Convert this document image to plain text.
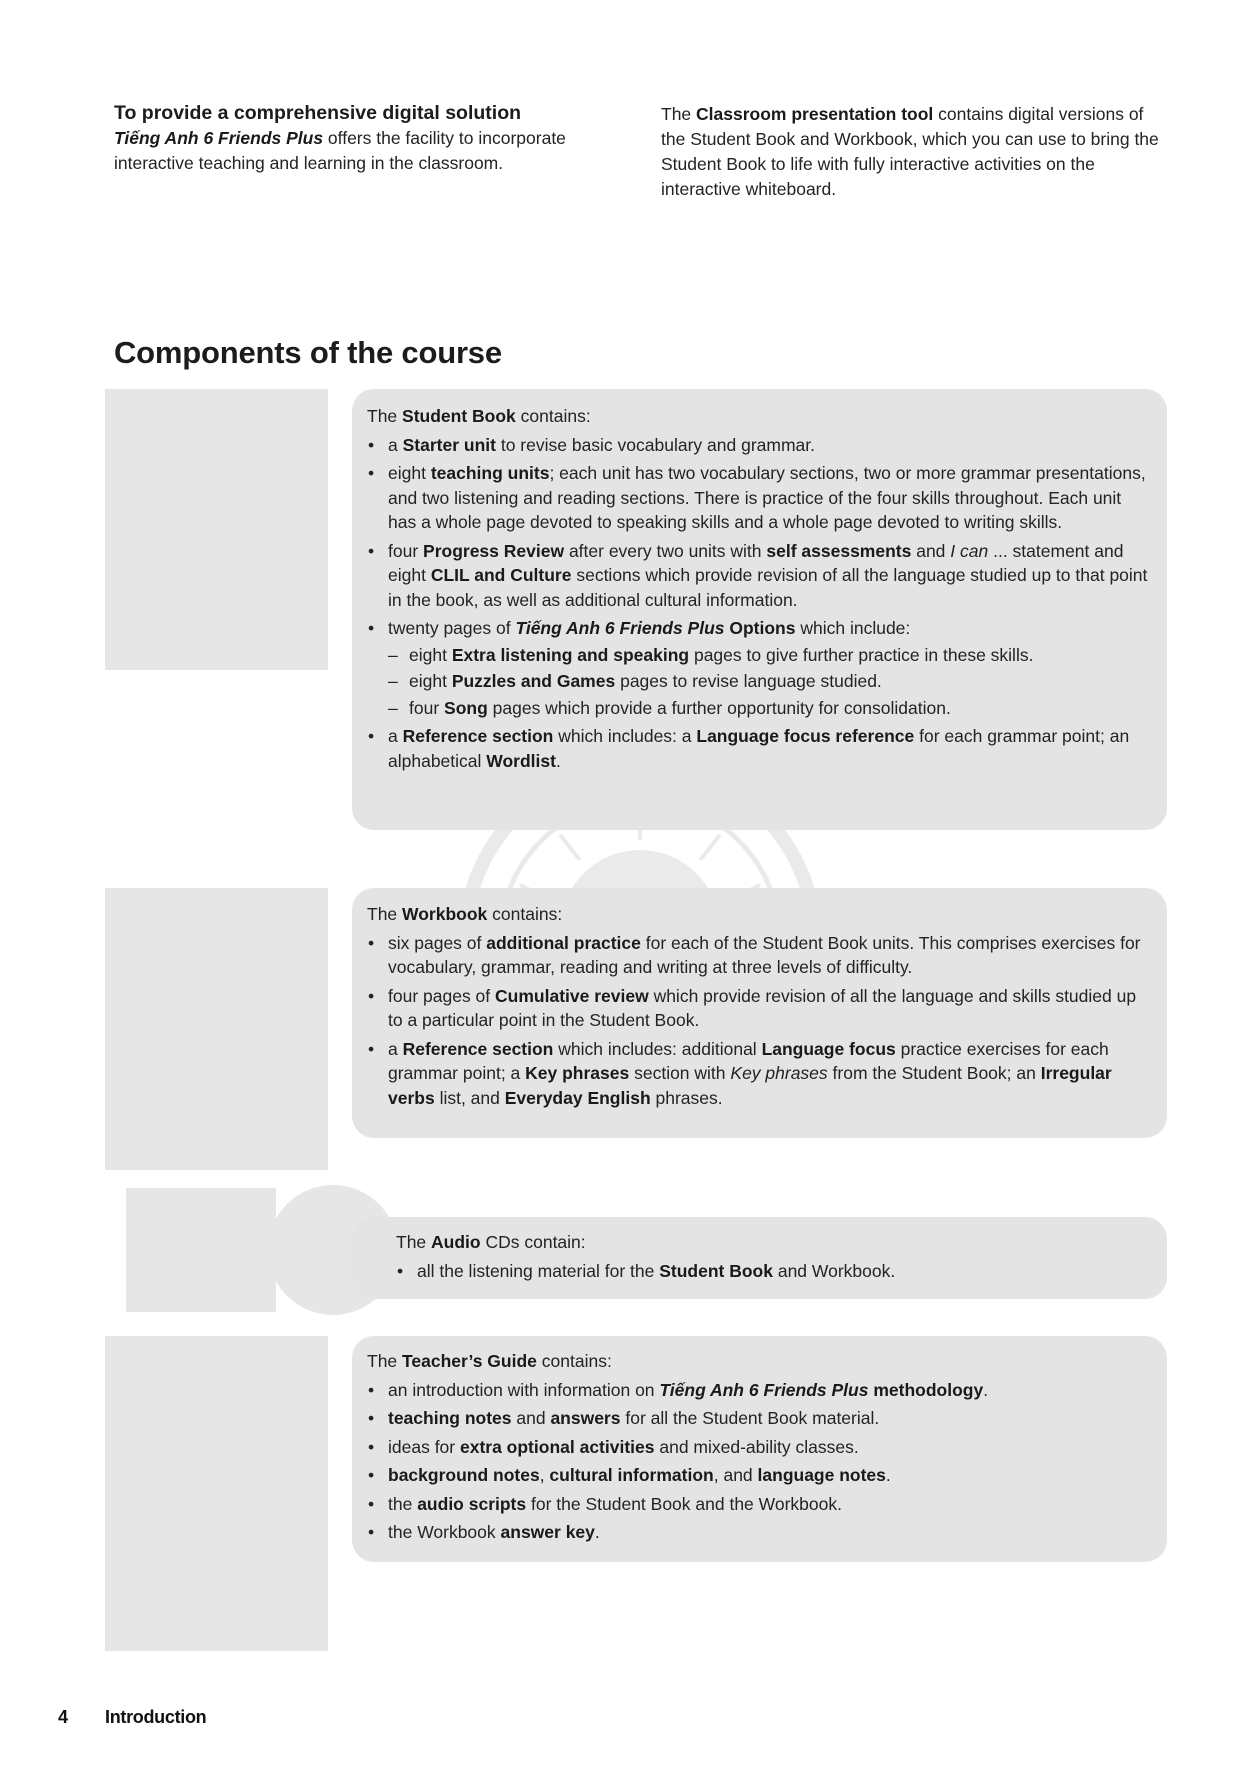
To provide a comprehensive digital solution
Tiếng Anh 6 Friends Plus offers the facility to incorporate interactive teaching and learning in the classroom.
The Classroom presentation tool contains digital versions of the Student Book and Workbook, which you can use to bring the Student Book to life with fully interactive activities on the interactive whiteboard.
Components of the course
The Student Book contains:
• a Starter unit to revise basic vocabulary and grammar.
• eight teaching units; each unit has two vocabulary sections, two or more grammar presentations, and two listening and reading sections. There is practice of the four skills throughout. Each unit has a whole page devoted to speaking skills and a whole page devoted to writing skills.
• four Progress Review after every two units with self assessments and I can ... statement and eight CLIL and Culture sections which provide revision of all the language studied up to that point in the book, as well as additional cultural information.
• twenty pages of Tiếng Anh 6 Friends Plus Options which include:
– eight Extra listening and speaking pages to give further practice in these skills.
– eight Puzzles and Games pages to revise language studied.
– four Song pages which provide a further opportunity for consolidation.
• a Reference section which includes: a Language focus reference for each grammar point; an alphabetical Wordlist.
The Workbook contains:
• six pages of additional practice for each of the Student Book units. This comprises exercises for vocabulary, grammar, reading and writing at three levels of difficulty.
• four pages of Cumulative review which provide revision of all the language and skills studied up to a particular point in the Student Book.
• a Reference section which includes: additional Language focus practice exercises for each grammar point; a Key phrases section with Key phrases from the Student Book; an Irregular verbs list, and Everyday English phrases.
The Audio CDs contain:
• all the listening material for the Student Book and Workbook.
The Teacher’s Guide contains:
• an introduction with information on Tiếng Anh 6 Friends Plus methodology.
• teaching notes and answers for all the Student Book material.
• ideas for extra optional activities and mixed-ability classes.
• background notes, cultural information, and language notes.
• the audio scripts for the Student Book and the Workbook.
• the Workbook answer key.
4 Introduction
